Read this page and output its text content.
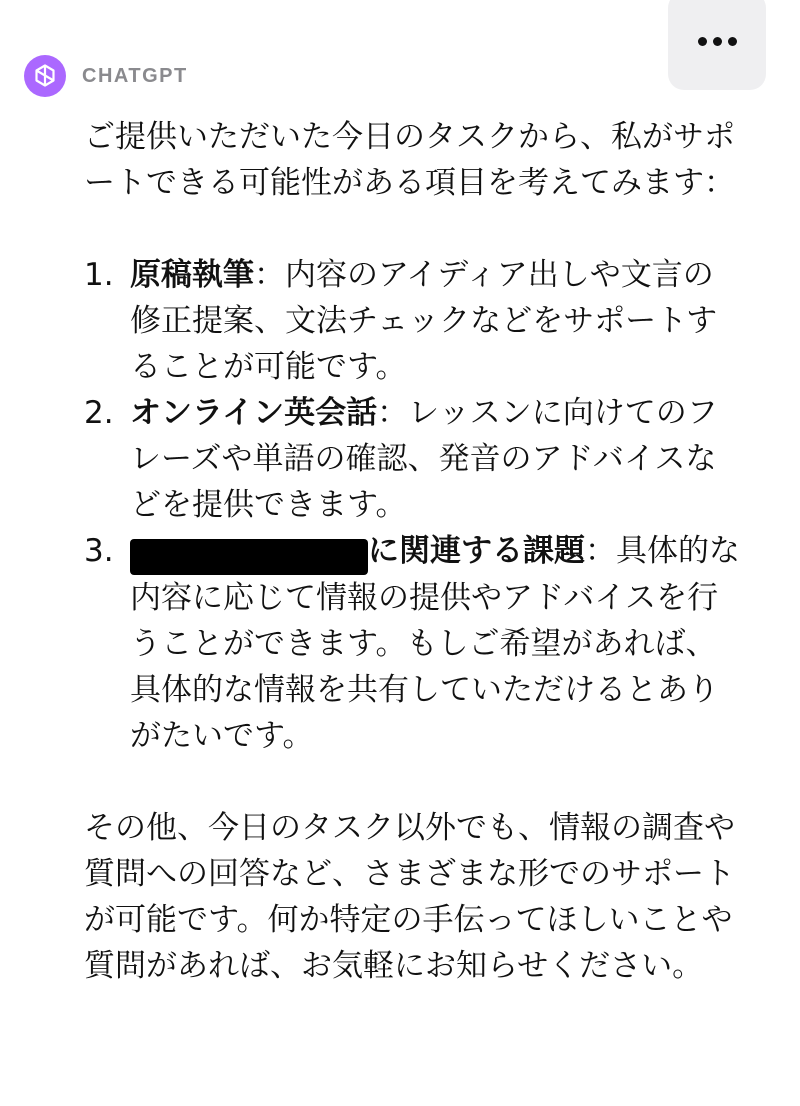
CHATGPT

ご提供いただいた今日のタスクから、私がサポートできる可能性がある項目を考えてみます：

1. 原稿執筆：内容のアイディア出しや文言の修正提案、文法チェックなどをサポートすることが可能です。
2. オンライン英会話：レッスンに向けてのフレーズや単語の確認、発音のアドバイスなどを提供できます。
3.	に関連する課題：具体的な内容に応じて情報の提供やアドバイスを行うことができます。もしご希望があれば、具体的な情報を共有していただけるとありがたいです。

その他、今日のタスク以外でも、情報の調査や質問への回答など、さまざまな形でのサポートが可能です。何か特定の手伝ってほしいことや質問があれば、お気軽にお知らせください。
